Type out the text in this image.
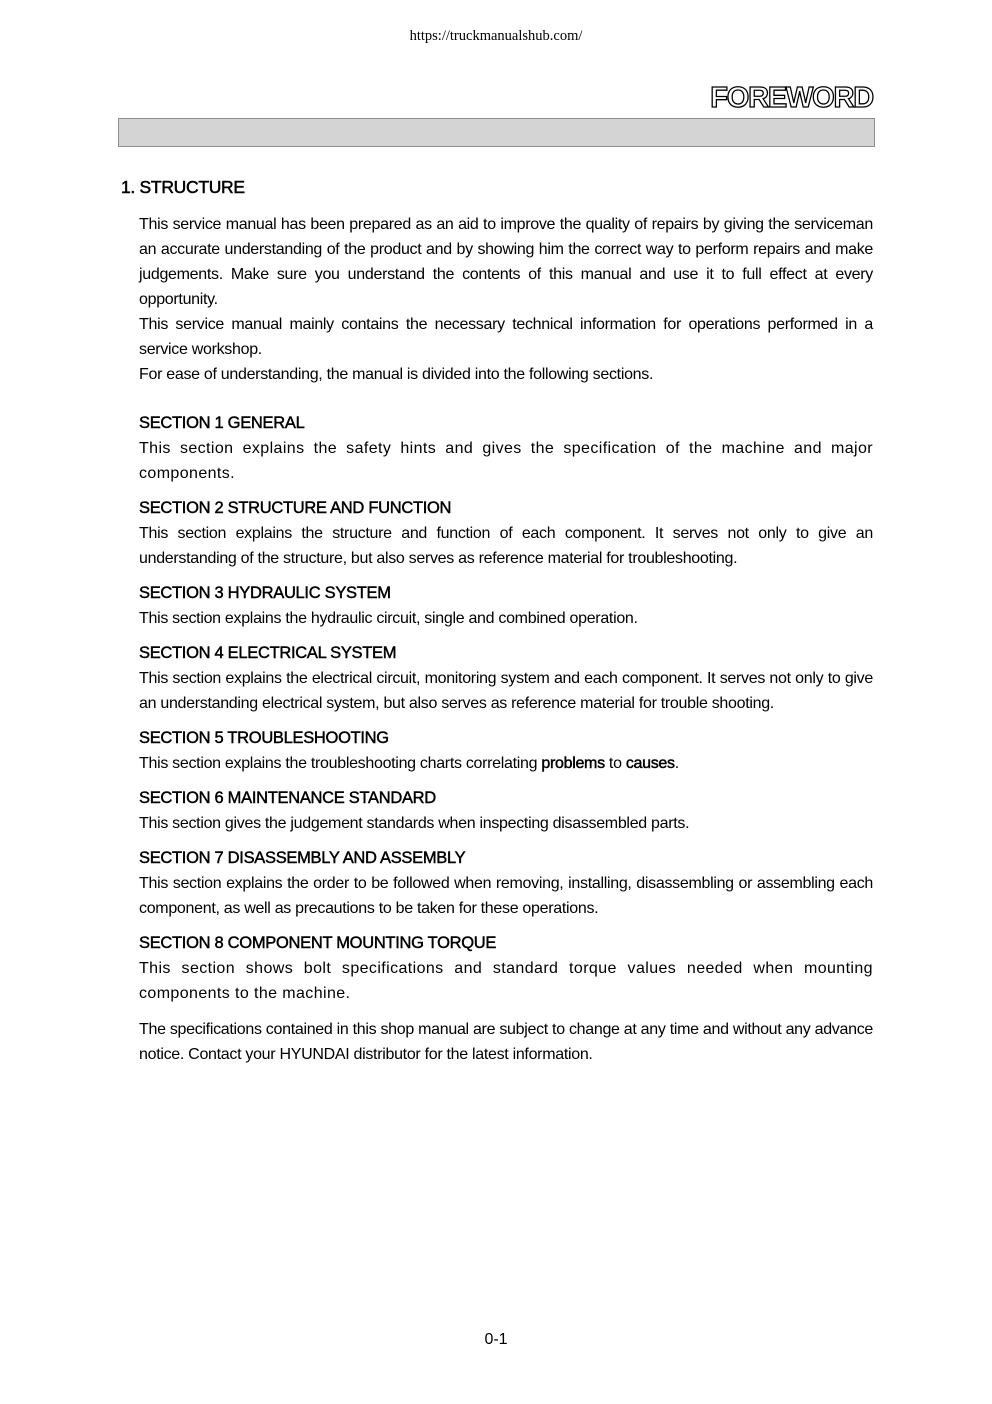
https://truckmanualshub.com/
FOREWORD
1. STRUCTURE

This service manual has been prepared as an aid to improve the quality of repairs by giving the serviceman an accurate understanding of the product and by showing him the correct way to perform repairs and make judgements. Make sure you understand the contents of this manual and use it to full effect at every opportunity.

This service manual mainly contains the necessary technical information for operations performed in a service workshop.

For ease of understanding, the manual is divided into the following sections.

SECTION 1 GENERAL
This section explains the safety hints and gives the specification of the machine and major components.
SECTION 2 STRUCTURE AND FUNCTION
This section explains the structure and function of each component. It serves not only to give an understanding of the structure, but also serves as reference material for troubleshooting.
SECTION 3 HYDRAULIC SYSTEM
This section explains the hydraulic circuit, single and combined operation.
SECTION 4 ELECTRICAL SYSTEM
This section explains the electrical circuit, monitoring system and each component. It serves not only to give an understanding electrical system, but also serves as reference material for trouble shooting.
SECTION 5 TROUBLESHOOTING
This section explains the troubleshooting charts correlating problems to causes.
SECTION 6 MAINTENANCE STANDARD
This section gives the judgement standards when inspecting disassembled parts.
SECTION 7 DISASSEMBLY AND ASSEMBLY
This section explains the order to be followed when removing, installing, disassembling or assembling each component, as well as precautions to be taken for these operations.
SECTION 8 COMPONENT MOUNTING TORQUE
This section shows bolt specifications and standard torque values needed when mounting components to the machine.
The specifications contained in this shop manual are subject to change at any time and without any advance notice. Contact your HYUNDAI distributor for the latest information.
0-1
